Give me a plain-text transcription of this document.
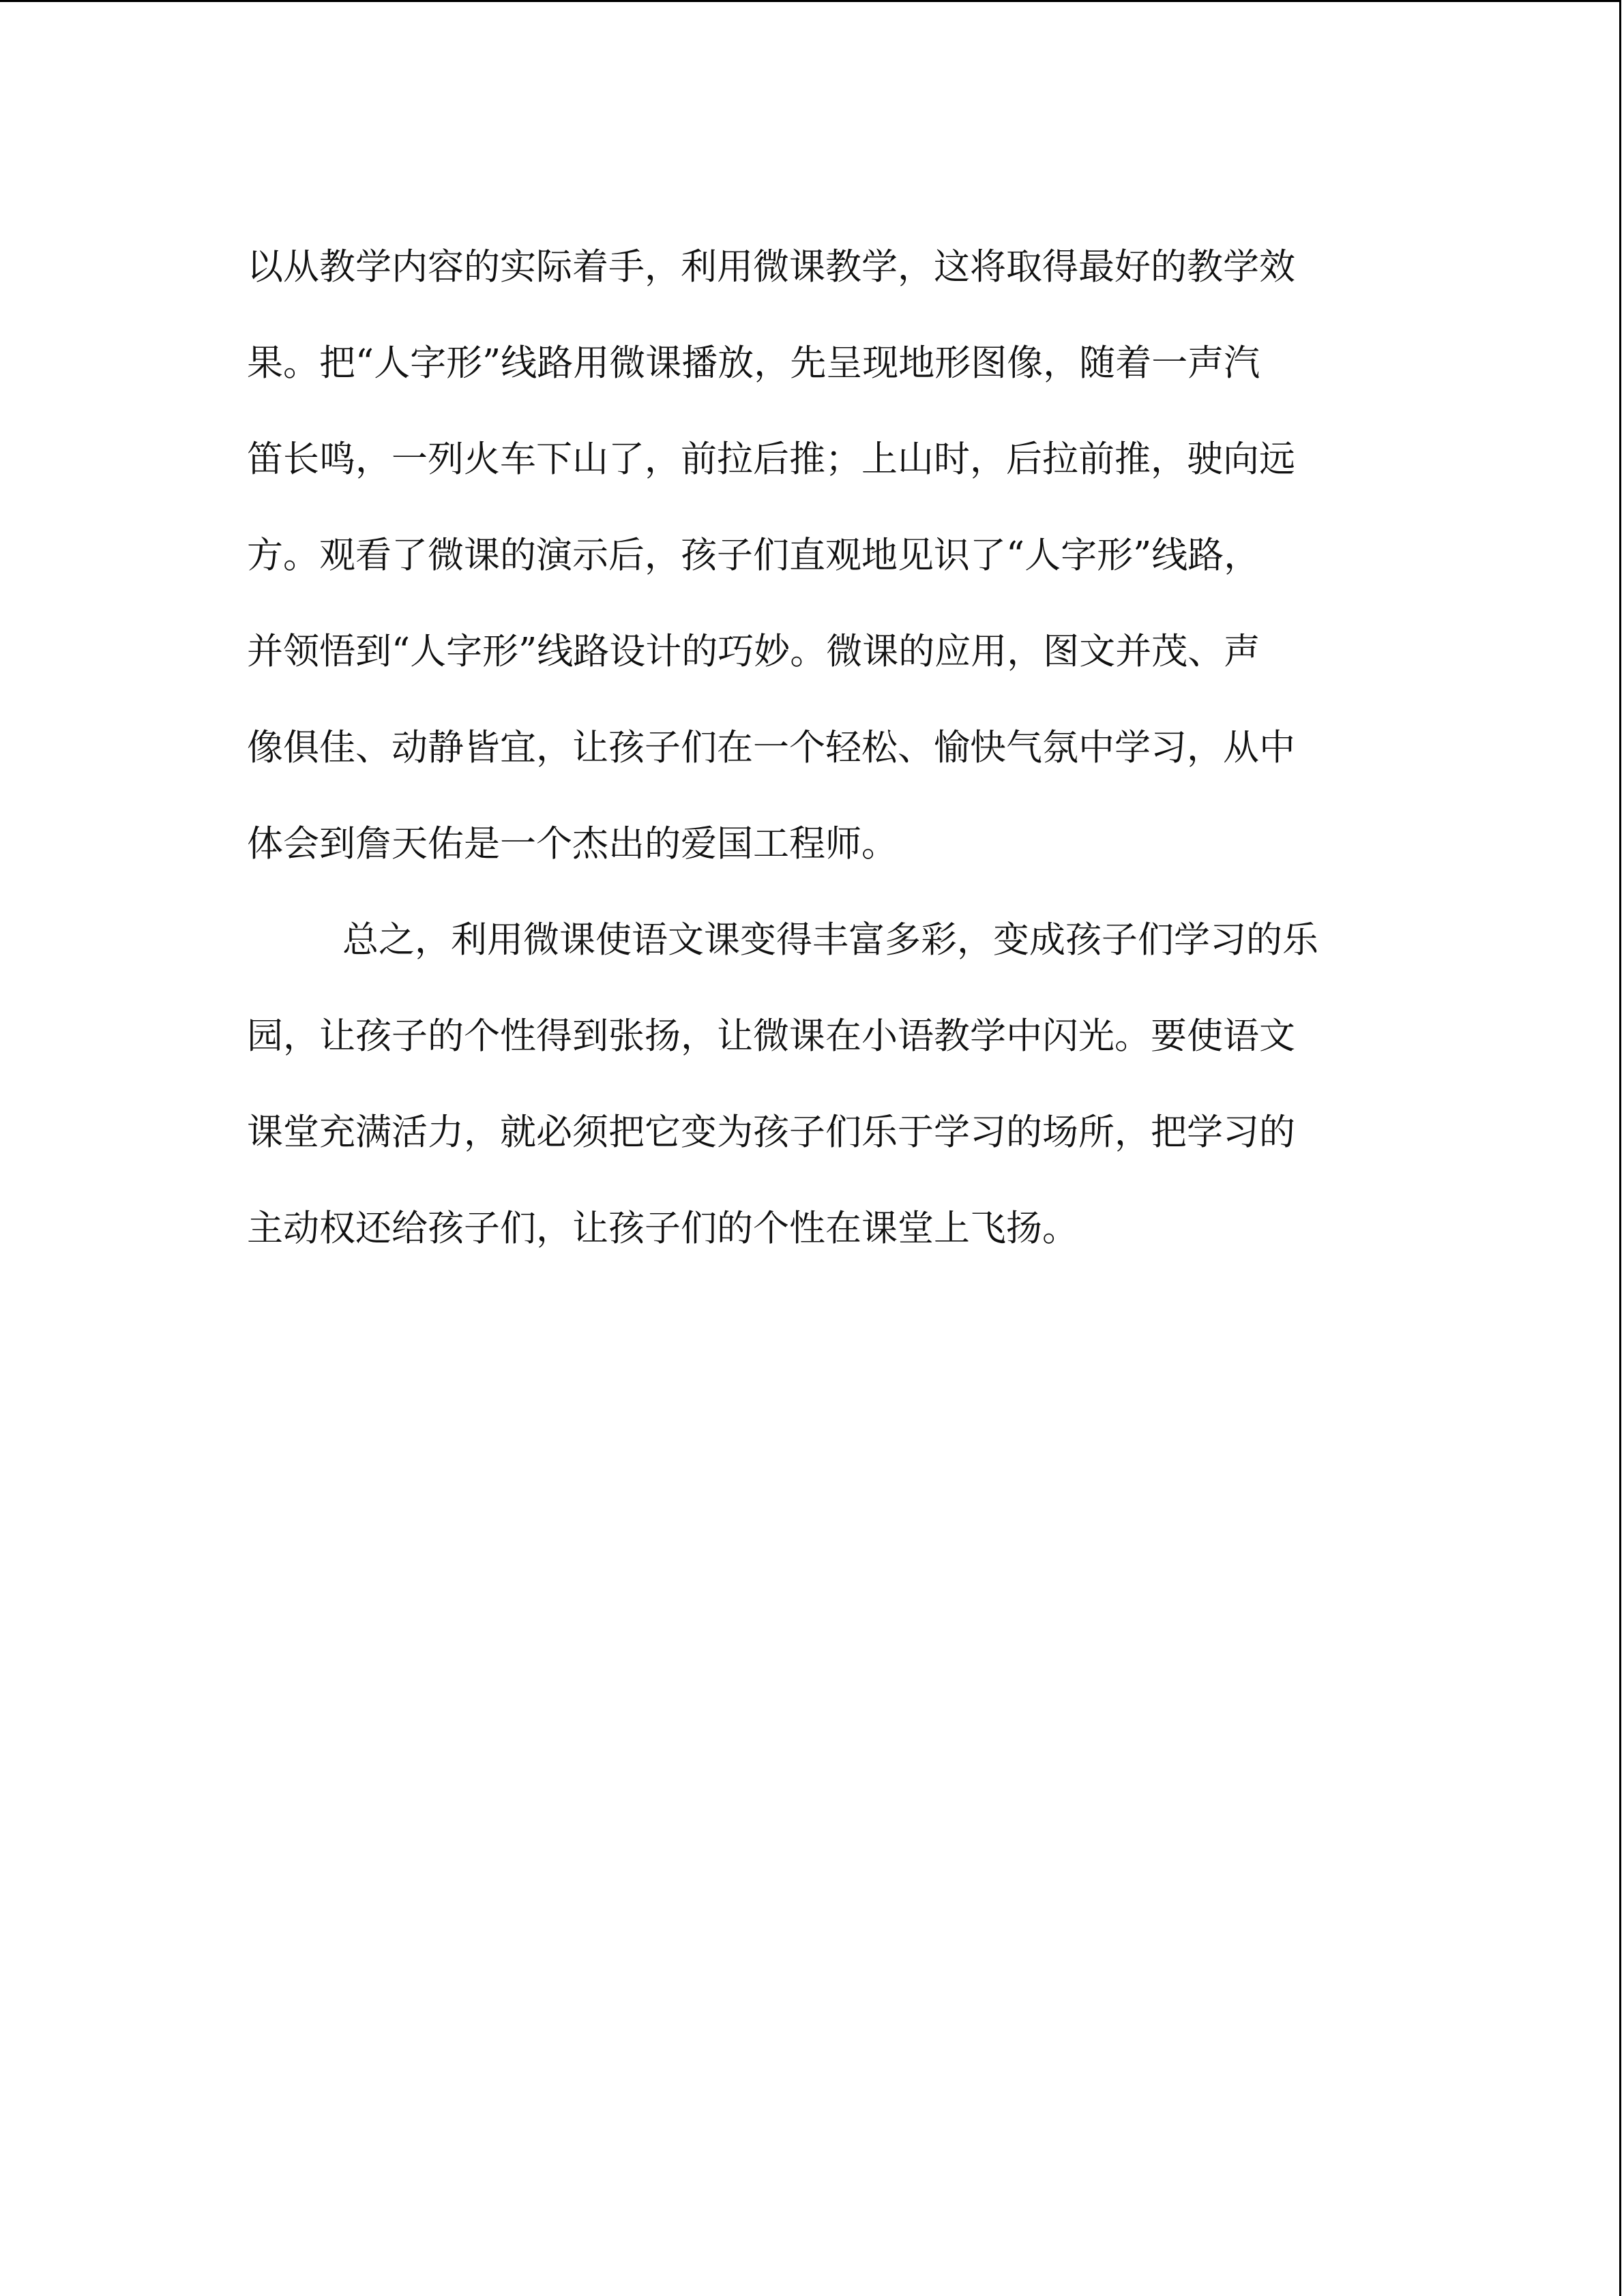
以从教学内容的实际着手，利用微课教学，这将取得最好的教学效
果。把“人字形”线路用微课播放，先呈现地形图像，随着一声汽
笛长鸣，一列火车下山了，前拉后推；上山时，后拉前推，驶向远
方。观看了微课的演示后，孩子们直观地见识了“人字形”线路，
并领悟到“人字形”线路设计的巧妙。微课的应用，图文并茂、声
像俱佳、动静皆宜，让孩子们在一个轻松、愉快气氛中学习，从中
体会到詹天佑是一个杰出的爱国工程师。
总之，利用微课使语文课变得丰富多彩，变成孩子们学习的乐
园，让孩子的个性得到张扬，让微课在小语教学中闪光。要使语文
课堂充满活力，就必须把它变为孩子们乐于学习的场所，把学习的
主动权还给孩子们，让孩子们的个性在课堂上飞扬。
